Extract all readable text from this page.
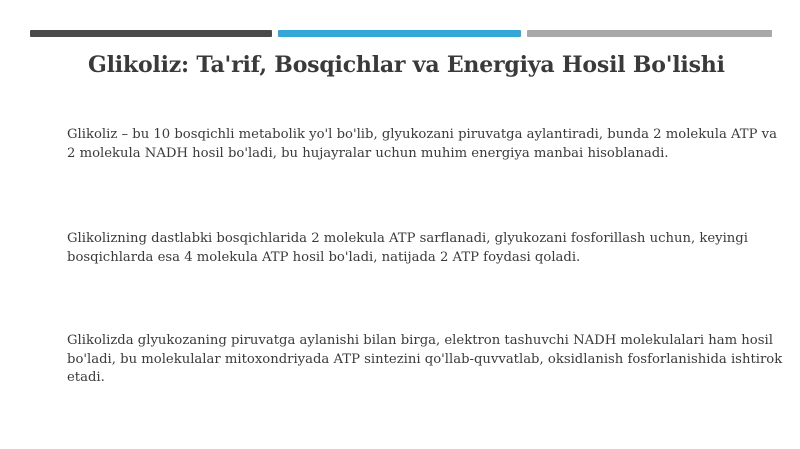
Glikoliz: Ta'rif, Bosqichlar va Energiya Hosil Bo'lishi

Glikoliz – bu 10 bosqichli metabolik yo'l bo'lib, glyukozani piruvatga aylantiradi, bunda 2 molekula ATP va 2 molekula NADH hosil bo'ladi, bu hujayralar uchun muhim energiya manbai hisoblanadi.

Glikolizning dastlabki bosqichlarida 2 molekula ATP sarflanadi, glyukozani fosforillash uchun, keyingi bosqichlarda esa 4 molekula ATP hosil bo'ladi, natijada 2 ATP foydasi qoladi.

Glikolizda glyukozaning piruvatga aylanishi bilan birga, elektron tashuvchi NADH molekulalari ham hosil bo'ladi, bu molekulalar mitoxondriyada ATP sintezini qo'llab-quvvatlab, oksidlanish fosforlanishida ishtirok etadi.
